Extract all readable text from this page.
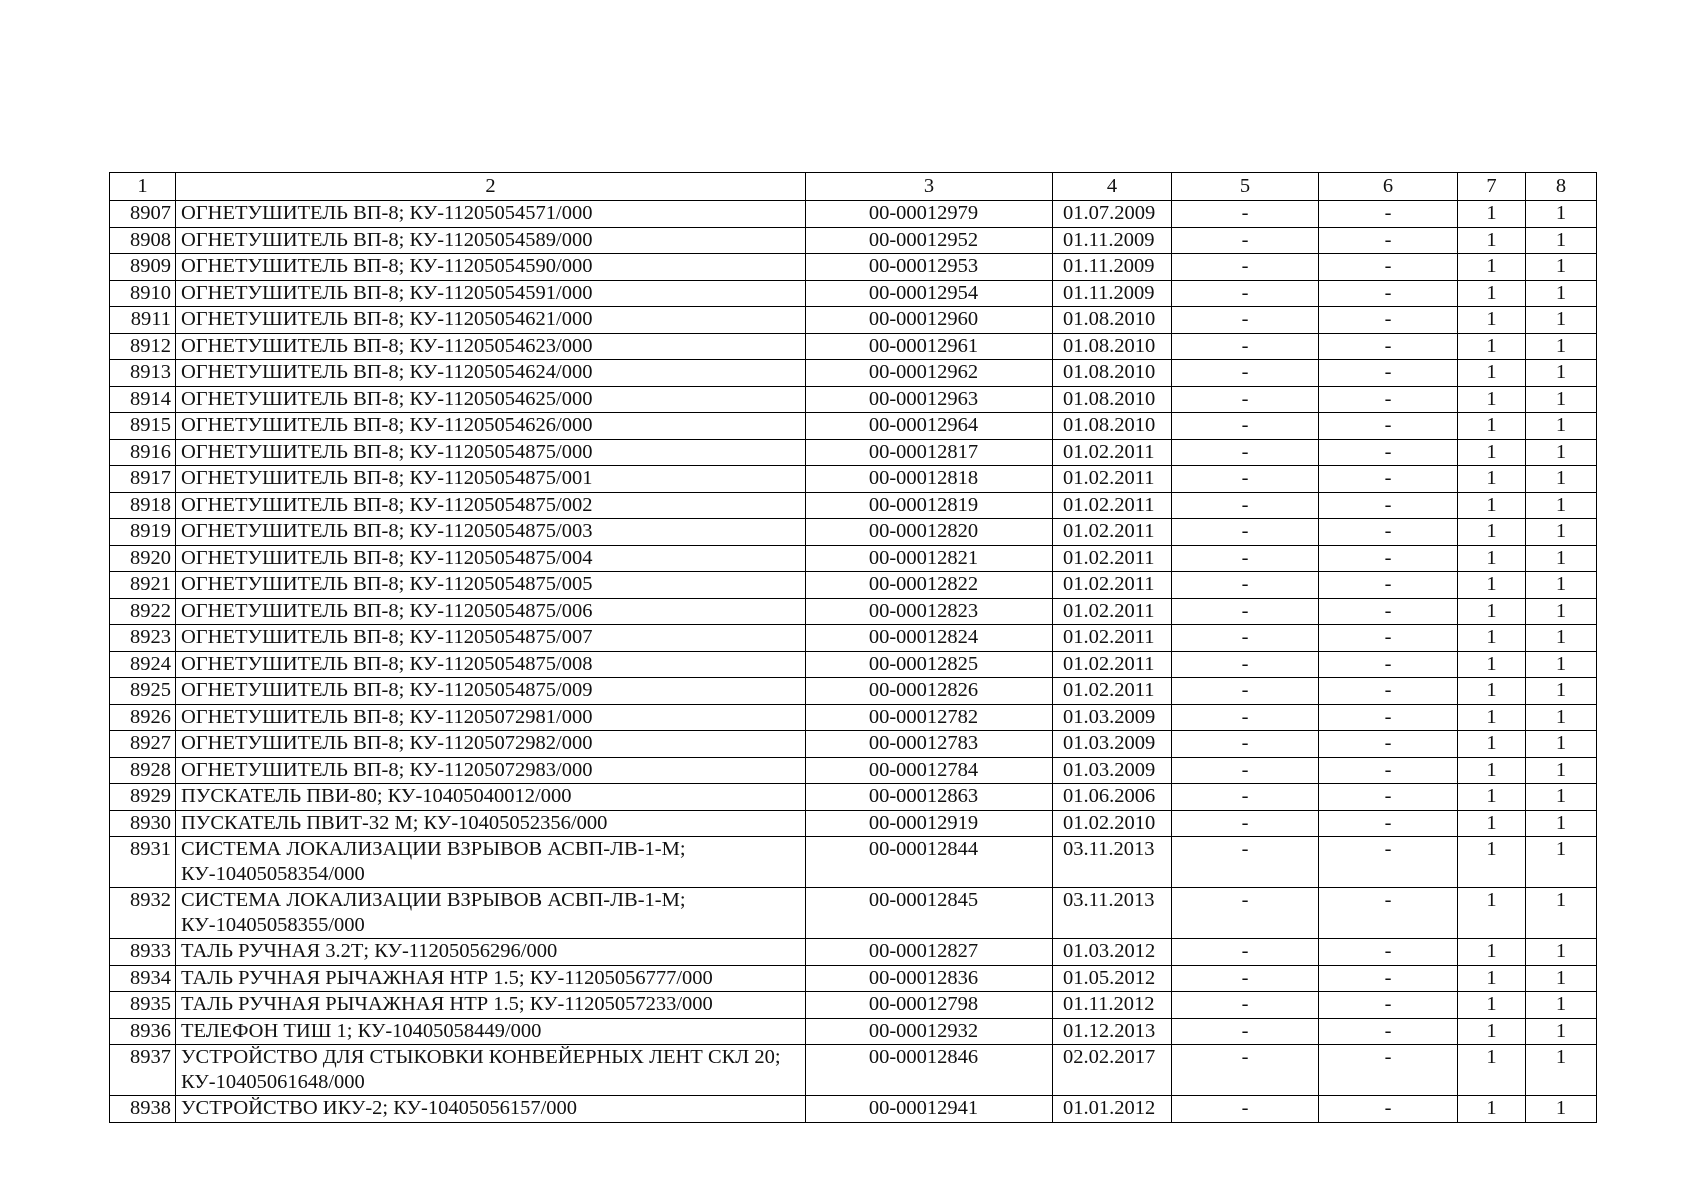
1	2	3	4	5	6	7	8
8907	ОГНЕТУШИТЕЛЬ ВП-8; КУ-11205054571/000	00-00012979	01.07.2009	-	-	1	1
8908	ОГНЕТУШИТЕЛЬ ВП-8; КУ-11205054589/000	00-00012952	01.11.2009	-	-	1	1
8909	ОГНЕТУШИТЕЛЬ ВП-8; КУ-11205054590/000	00-00012953	01.11.2009	-	-	1	1
8910	ОГНЕТУШИТЕЛЬ ВП-8; КУ-11205054591/000	00-00012954	01.11.2009	-	-	1	1
8911	ОГНЕТУШИТЕЛЬ ВП-8; КУ-11205054621/000	00-00012960	01.08.2010	-	-	1	1
8912	ОГНЕТУШИТЕЛЬ ВП-8; КУ-11205054623/000	00-00012961	01.08.2010	-	-	1	1
8913	ОГНЕТУШИТЕЛЬ ВП-8; КУ-11205054624/000	00-00012962	01.08.2010	-	-	1	1
8914	ОГНЕТУШИТЕЛЬ ВП-8; КУ-11205054625/000	00-00012963	01.08.2010	-	-	1	1
8915	ОГНЕТУШИТЕЛЬ ВП-8; КУ-11205054626/000	00-00012964	01.08.2010	-	-	1	1
8916	ОГНЕТУШИТЕЛЬ ВП-8; КУ-11205054875/000	00-00012817	01.02.2011	-	-	1	1
8917	ОГНЕТУШИТЕЛЬ ВП-8; КУ-11205054875/001	00-00012818	01.02.2011	-	-	1	1
8918	ОГНЕТУШИТЕЛЬ ВП-8; КУ-11205054875/002	00-00012819	01.02.2011	-	-	1	1
8919	ОГНЕТУШИТЕЛЬ ВП-8; КУ-11205054875/003	00-00012820	01.02.2011	-	-	1	1
8920	ОГНЕТУШИТЕЛЬ ВП-8; КУ-11205054875/004	00-00012821	01.02.2011	-	-	1	1
8921	ОГНЕТУШИТЕЛЬ ВП-8; КУ-11205054875/005	00-00012822	01.02.2011	-	-	1	1
8922	ОГНЕТУШИТЕЛЬ ВП-8; КУ-11205054875/006	00-00012823	01.02.2011	-	-	1	1
8923	ОГНЕТУШИТЕЛЬ ВП-8; КУ-11205054875/007	00-00012824	01.02.2011	-	-	1	1
8924	ОГНЕТУШИТЕЛЬ ВП-8; КУ-11205054875/008	00-00012825	01.02.2011	-	-	1	1
8925	ОГНЕТУШИТЕЛЬ ВП-8; КУ-11205054875/009	00-00012826	01.02.2011	-	-	1	1
8926	ОГНЕТУШИТЕЛЬ ВП-8; КУ-11205072981/000	00-00012782	01.03.2009	-	-	1	1
8927	ОГНЕТУШИТЕЛЬ ВП-8; КУ-11205072982/000	00-00012783	01.03.2009	-	-	1	1
8928	ОГНЕТУШИТЕЛЬ ВП-8; КУ-11205072983/000	00-00012784	01.03.2009	-	-	1	1
8929	ПУСКАТЕЛЬ ПВИ-80; КУ-10405040012/000	00-00012863	01.06.2006	-	-	1	1
8930	ПУСКАТЕЛЬ ПВИТ-32 М; КУ-10405052356/000	00-00012919	01.02.2010	-	-	1	1
8931	СИСТЕМА ЛОКАЛИЗАЦИИ ВЗРЫВОВ АСВП-ЛВ-1-М; КУ-10405058354/000	00-00012844	03.11.2013	-	-	1	1
8932	СИСТЕМА ЛОКАЛИЗАЦИИ ВЗРЫВОВ АСВП-ЛВ-1-М; КУ-10405058355/000	00-00012845	03.11.2013	-	-	1	1
8933	ТАЛЬ РУЧНАЯ 3.2Т; КУ-11205056296/000	00-00012827	01.03.2012	-	-	1	1
8934	ТАЛЬ РУЧНАЯ РЫЧАЖНАЯ НТР 1.5; КУ-11205056777/000	00-00012836	01.05.2012	-	-	1	1
8935	ТАЛЬ РУЧНАЯ РЫЧАЖНАЯ НТР 1.5; КУ-11205057233/000	00-00012798	01.11.2012	-	-	1	1
8936	ТЕЛЕФОН ТИШ 1; КУ-10405058449/000	00-00012932	01.12.2013	-	-	1	1
8937	УСТРОЙСТВО ДЛЯ СТЫКОВКИ КОНВЕЙЕРНЫХ ЛЕНТ СКЛ 20; КУ-10405061648/000	00-00012846	02.02.2017	-	-	1	1
8938	УСТРОЙСТВО ИКУ-2; КУ-10405056157/000	00-00012941	01.01.2012	-	-	1	1
